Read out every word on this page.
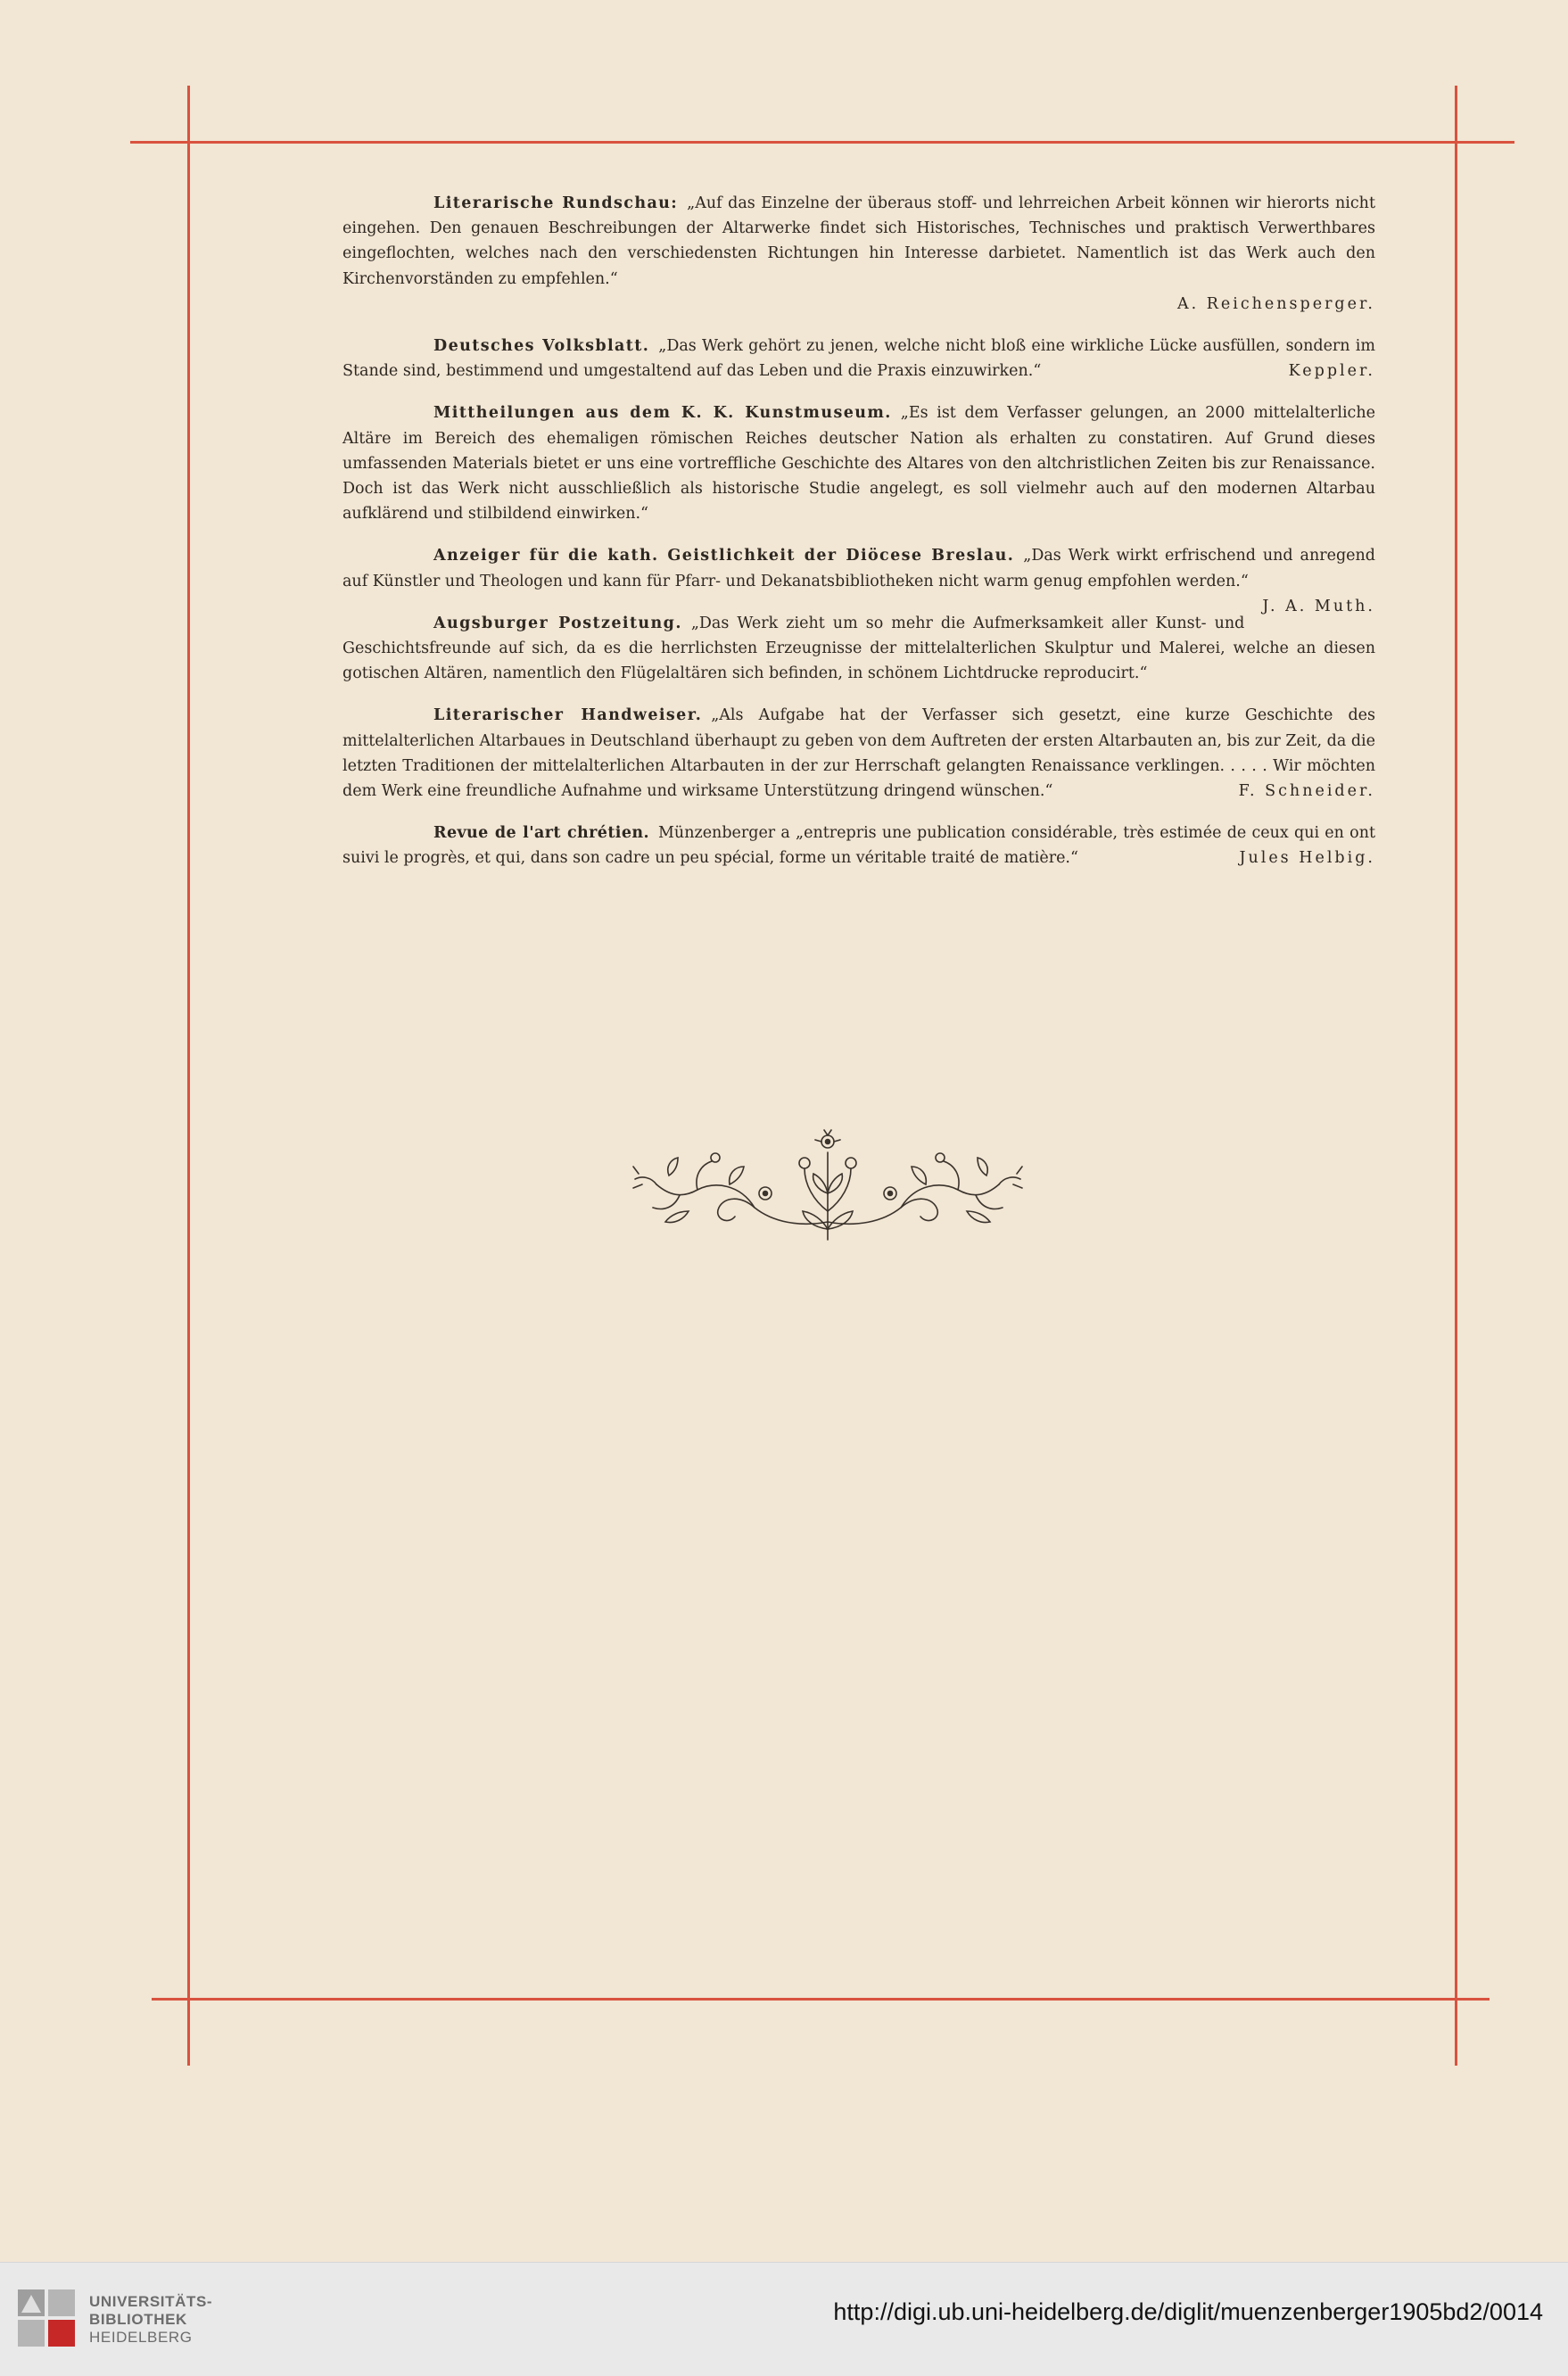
Literarische Rundschau: „Auf das Einzelne der überaus stoff- und lehrreichen Arbeit können wir hierorts nicht eingehen. Den genauen Beschreibungen der Altarwerke findet sich Historisches, Technisches und praktisch Verwerthbares eingeflochten, welches nach den verschiedensten Richtungen hin Interesse darbietet. Namentlich ist das Werk auch den Kirchenvorständen zu empfehlen.“
A. Reichensperger.

Deutsches Volksblatt. „Das Werk gehört zu jenen, welche nicht bloß eine wirkliche Lücke ausfüllen, sondern im Stande sind, bestimmend und umgestaltend auf das Leben und die Praxis einzuwirken.“	Keppler.

Mittheilungen aus dem K. K. Kunstmuseum. „Es ist dem Verfasser gelungen, an 2000 mittelalterliche Altäre im Bereich des ehemaligen römischen Reiches deutscher Nation als erhalten zu constatiren. Auf Grund dieses umfassenden Materials bietet er uns eine vortreffliche Geschichte des Altares von den altchristlichen Zeiten bis zur Renaissance. Doch ist das Werk nicht ausschließlich als historische Studie angelegt, es soll vielmehr auch auf den modernen Altarbau aufklärend und stilbildend einwirken.“

Anzeiger für die kath. Geistlichkeit der Diöcese Breslau. „Das Werk wirkt erfrischend und anregend auf Künstler und Theologen und kann für Pfarr- und Dekanatsbibliotheken nicht warm genug empfohlen werden.“
J. A. Muth.

Augsburger Postzeitung. „Das Werk zieht um so mehr die Aufmerksamkeit aller Kunst- und Geschichtsfreunde auf sich, da es die herrlichsten Erzeugnisse der mittelalterlichen Skulptur und Malerei, welche an diesen gotischen Altären, namentlich den Flügelaltären sich befinden, in schönem Lichtdrucke reproducirt.“

Literarischer Handweiser. „Als Aufgabe hat der Verfasser sich gesetzt, eine kurze Geschichte des mittelalterlichen Altarbaues in Deutschland überhaupt zu geben von dem Auftreten der ersten Altarbauten an, bis zur Zeit, da die letzten Traditionen der mittelalterlichen Altarbauten in der zur Herrschaft gelangten Renaissance verklingen. . . . . Wir möchten dem Werk eine freundliche Aufnahme und wirksame Unterstützung dringend wünschen.“	F. Schneider.

Revue de l'art chrétien. Münzenberger a „entrepris une publication considérable, très estimée de ceux qui en ont suivi le progrès, et qui, dans son cadre un peu spécial, forme un véritable traité de matière.“	Jules Helbig.

UNIVERSITÄTS-
BIBLIOTHEK
HEIDELBERG
http://digi.ub.uni-heidelberg.de/diglit/muenzenberger1905bd2/0014
